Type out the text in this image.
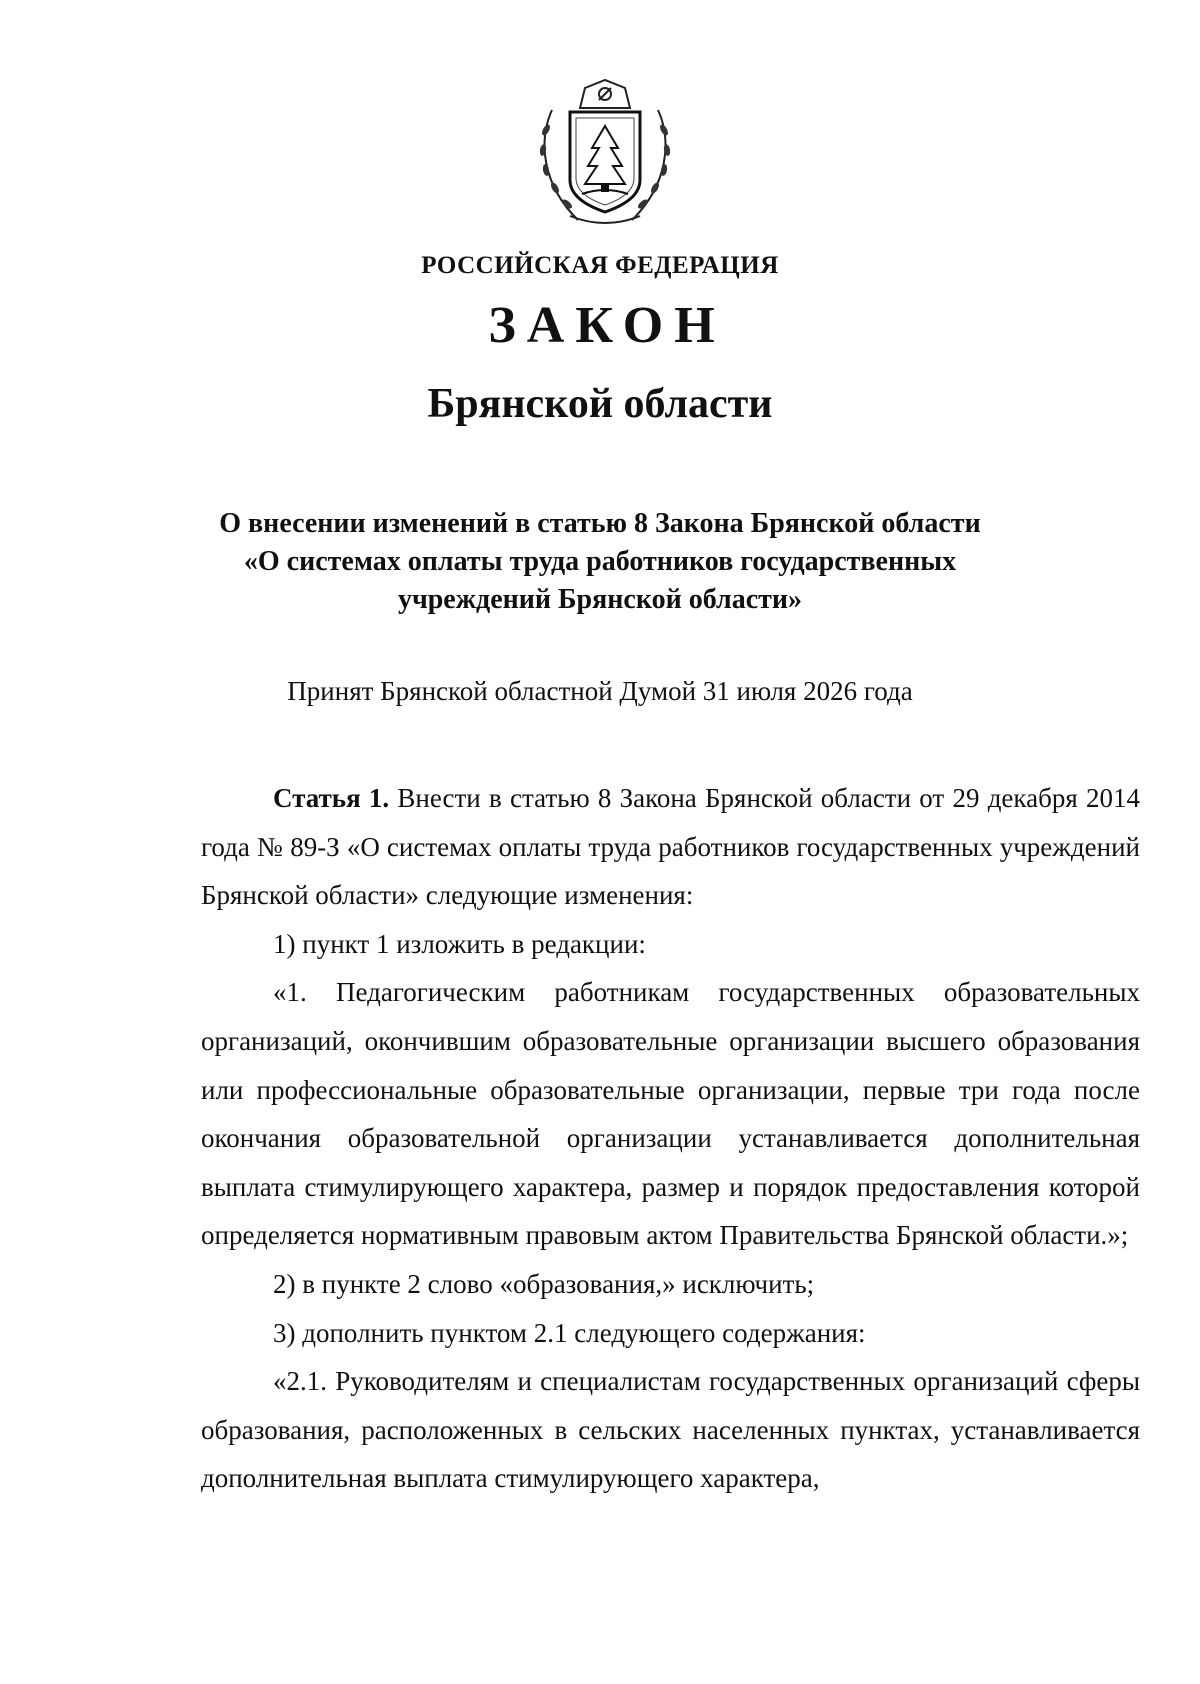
РОССИЙСКАЯ ФЕДЕРАЦИЯ
ЗАКОН
Брянской области
О внесении изменений в статью 8 Закона Брянской области
«О системах оплаты труда работников государственных
учреждений Брянской области»
Принят Брянской областной Думой 31 июля 2026 года

Статья 1. Внести в статью 8 Закона Брянской области от 29 декабря 2014 года № 89-З «О системах оплаты труда работников государственных учреждений Брянской области» следующие изменения:

1) пункт 1 изложить в редакции:

«1. Педагогическим работникам государственных образовательных организаций, окончившим образовательные организации высшего образования или профессиональные образовательные организации, первые три года после окончания образовательной организации устанавливается дополнительная выплата стимулирующего характера, размер и порядок предоставления которой определяется нормативным правовым актом Правительства Брянской области.»;

2) в пункте 2 слово «образования,» исключить;

3) дополнить пунктом 2.1 следующего содержания:

«2.1. Руководителям и специалистам государственных организаций сферы образования, расположенных в сельских населенных пунктах, устанавливается дополнительная выплата стимулирующего характера,
